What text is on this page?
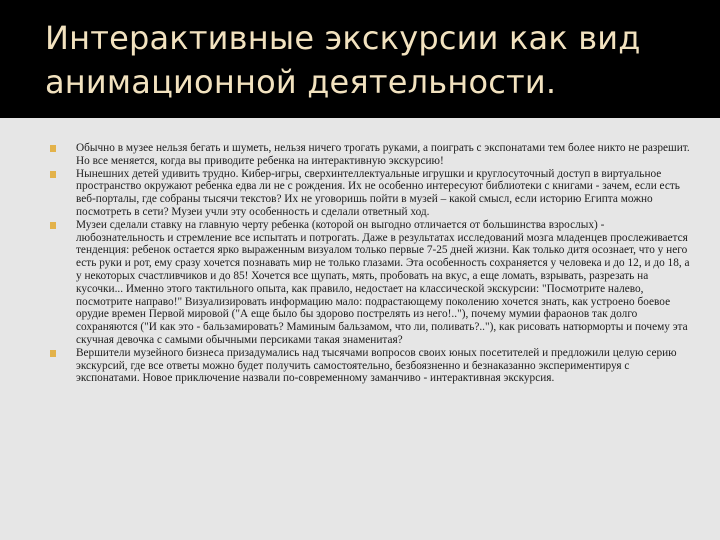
Интерактивные экскурсии как вид анимационной деятельности.
Обычно в музее нельзя бегать и шуметь, нельзя ничего трогать руками, а поиграть с экспонатами тем более никто не разрешит. Но все меняется, когда вы приводите ребенка на интерактивную экскурсию!
Нынешних детей удивить трудно. Кибер-игры, сверхинтеллектуальные игрушки и круглосуточный доступ в виртуальное пространство окружают ребенка едва ли не с рождения. Их не особенно интересуют библиотеки с книгами - зачем, если есть веб-порталы, где собраны тысячи текстов? Их не уговоришь пойти в музей – какой смысл, если историю Египта можно посмотреть в сети? Музеи учли эту особенность и сделали ответный ход.
Музеи сделали ставку на главную черту ребенка (которой он выгодно отличается от большинства взрослых) - любознательность и стремление все испытать и потрогать. Даже в результатах исследований мозга младенцев прослеживается тенденция: ребенок остается ярко выраженным визуалом только первые 7-25 дней жизни. Как только дитя осознает, что у него есть руки и рот, ему сразу хочется познавать мир не только глазами. Эта особенность сохраняется у человека и до 12, и до 18, а у некоторых счастливчиков и до 85! Хочется все щупать, мять, пробовать на вкус, а еще ломать, взрывать, разрезать на кусочки... Именно этого тактильного опыта, как правило, недостает на классической экскурсии: "Посмотрите налево, посмотрите направо!" Визуализировать информацию мало: подрастающему поколению хочется знать, как устроено боевое орудие времен Первой мировой ("А еще было бы здорово пострелять из него!.."), почему мумии фараонов так долго сохраняются ("И как это - бальзамировать? Маминым бальзамом, что ли, поливать?.."), как рисовать натюрморты и почему эта скучная девочка с самыми обычными персиками такая знаменитая?
Вершители музейного бизнеса призадумались над тысячами вопросов своих юных посетителей и предложили целую серию экскурсий, где все ответы можно будет получить самостоятельно, безбоязненно и безнаказанно экспериментируя с экспонатами. Новое приключение назвали по-современному заманчиво - интерактивная экскурсия.
